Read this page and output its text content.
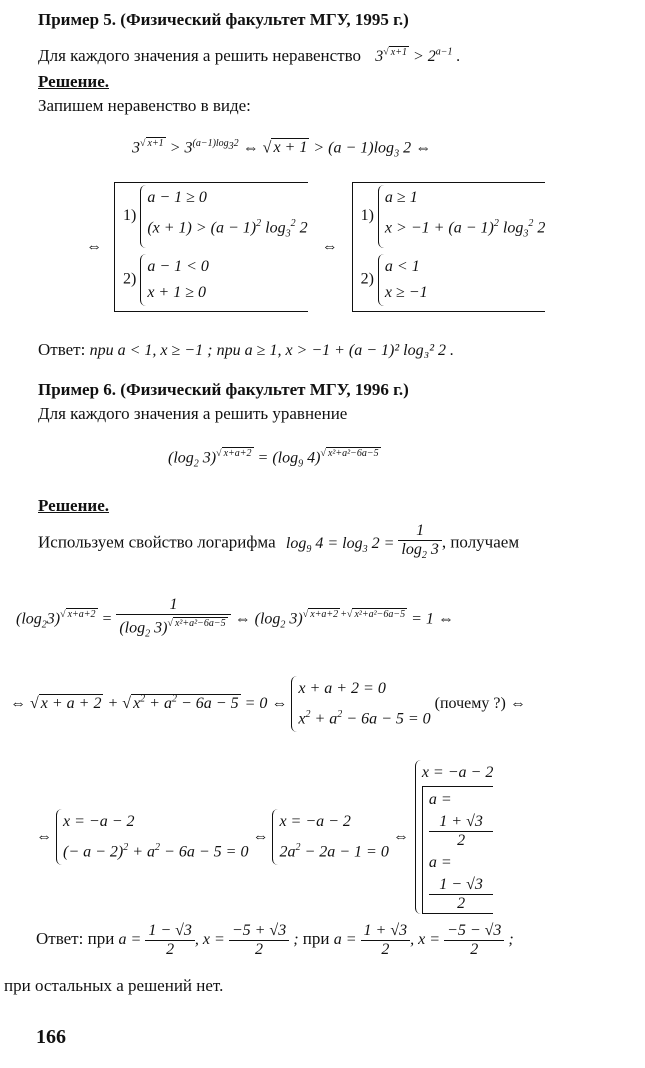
Пример 5. (Физический факультет МГУ, 1995 г.)
Для каждого значения a решить неравенство $3^{√ x+1} > 2^{a-1}$ .
Решение.
Запишем неравенство в виде:
$3^{√ x+1} > 3^{(a-1)log_32}$ ⇔ √ $x + 1 > (a - 1)\log_3$ 2 ⇔
⇔
1)
a − 1 ≥ 0
$(x + 1) > (a - 1)^2$ $\log_3^2 2$
2)
a − 1 < 0
x + 1 ≥ 0
⇔
1)
a ≥ 1
$x > -1 + (a - 1)^2$ $\log_3^2 2$
2)
a < 1
x ≥ −1
Ответ: при a < 1, x ≥ −1 ; при a ≥ 1, x > −1 + (a − 1)² log₃² 2 .
Пример 6. (Физический факультет МГУ, 1996 г.)
Для каждого значения a решить уравнение
($\log_2$ $3)^{√ x+a+2} = (\log_9$ 4)$^{√ x^2+a^2-6a-5}$
Решение.
Используем свойство логарифма $\log_9 4 = \log_3 2 = \frac{1}{\log_2 3}$ , получаем
$(\log_23)^{√ x+a+2} = \frac{1}{(\log_2 3)^{√ x^2+a^2-6a-5}}$ ⇔ ($\log_2$ 3)$^{√ x+a+2 +√ x^2+a^2-6a-5}$ = 1 ⇔
⇔ √ x + a + 2 + √ $x^2 + a^2 - 6a - 5 = 0$ ⇔
x + a + 2 = 0
$x^2 + a^2 - 6a - 5 = 0$
(почему ?) ⇔
⇔
x = −a − 2
(− $a - 2)^2 + a^2 - 6a - 5 = 0$
⇔
x = −a − 2
$2a^2 - 2a - 1 = 0$
⇔ x = −a − 2
a =
1 + √3
2
a =
1 − √3
2
Ответ: при $a = \frac{1 - √3}{2}$ , $x = \frac{-5 + √3}{2}$ ; при $a = \frac{1 + √3}{2}$ , $x = \frac{-5 - √3}{2}$ ;
при остальных a решений нет.
166
